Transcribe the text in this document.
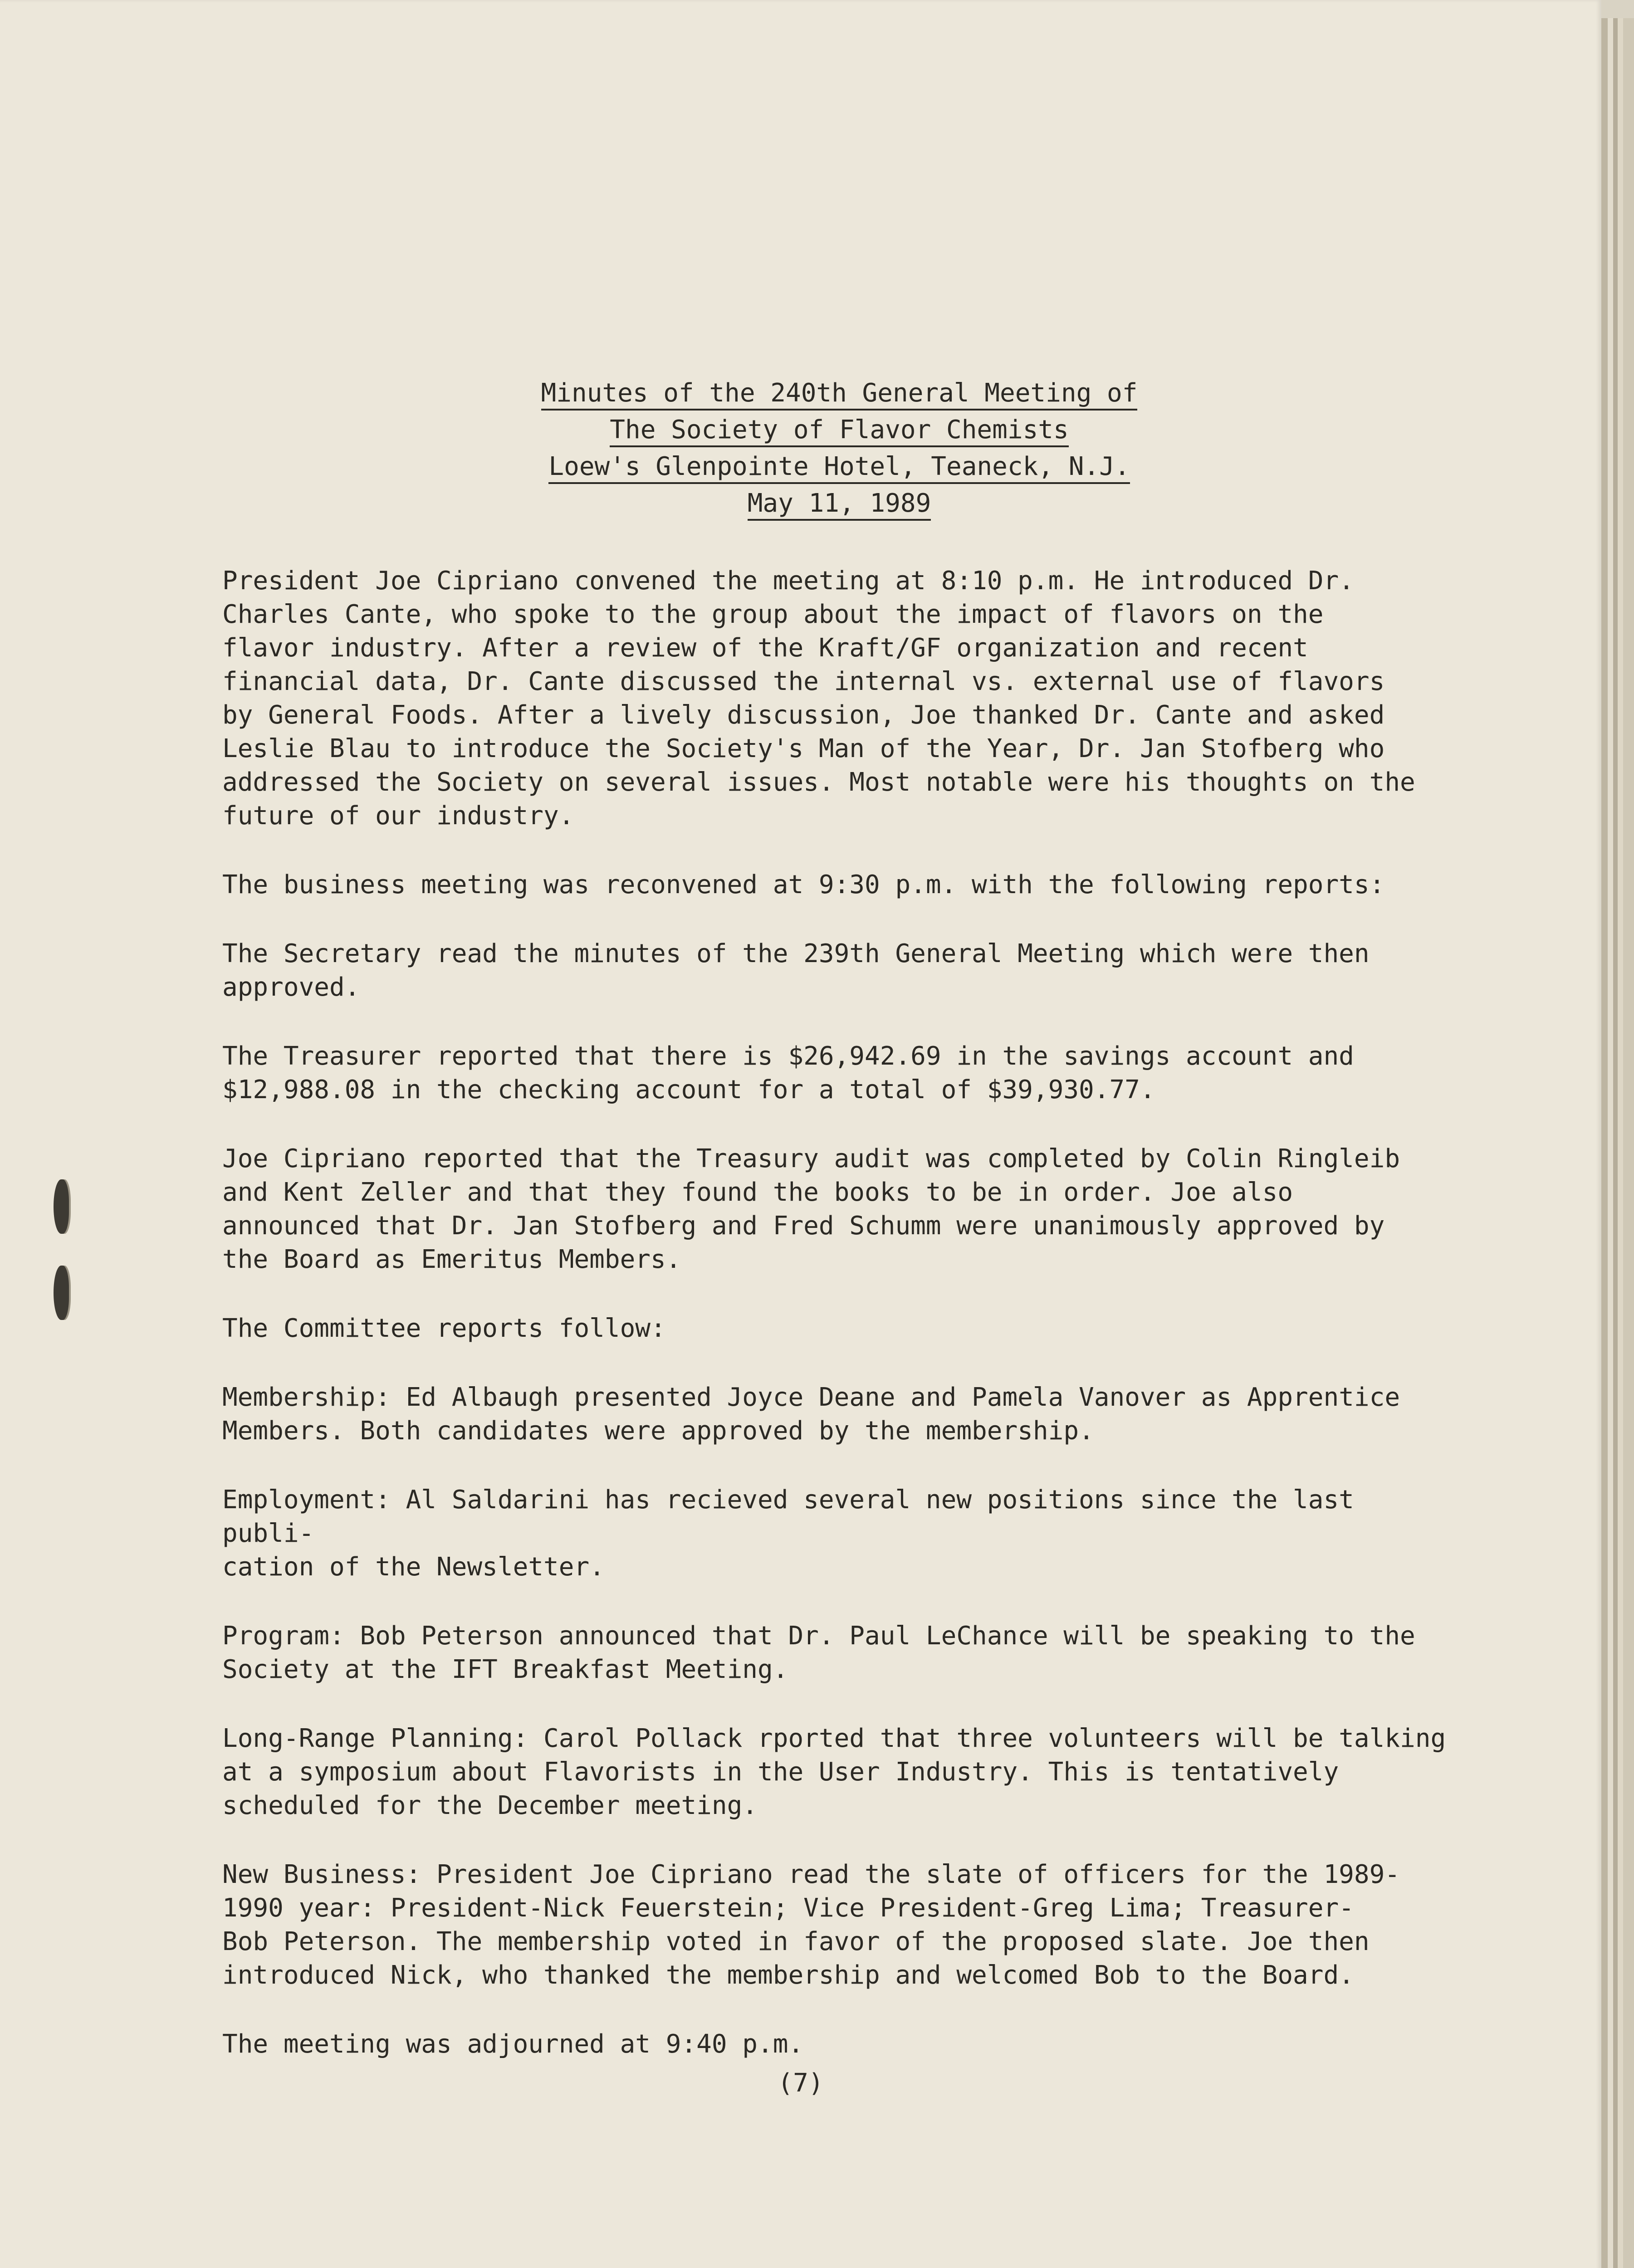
Minutes of the 240th General Meeting of
The Society of Flavor Chemists
Loew's Glenpointe Hotel, Teaneck, N.J.
May 11, 1989

President Joe Cipriano convened the meeting at 8:10 p.m. He introduced Dr.
Charles Cante, who spoke to the group about the impact of flavors on the
flavor industry. After a review of the Kraft/GF organization and recent
financial data, Dr. Cante discussed the internal vs. external use of flavors
by General Foods. After a lively discussion, Joe thanked Dr. Cante and asked
Leslie Blau to introduce the Society's Man of the Year, Dr. Jan Stofberg who
addressed the Society on several issues. Most notable were his thoughts on the
future of our industry.

The business meeting was reconvened at 9:30 p.m. with the following reports:

The Secretary read the minutes of the 239th General Meeting which were then
approved.

The Treasurer reported that there is $26,942.69 in the savings account and
$12,988.08 in the checking account for a total of $39,930.77.

Joe Cipriano reported that the Treasury audit was completed by Colin Ringleib
and Kent Zeller and that they found the books to be in order. Joe also
announced that Dr. Jan Stofberg and Fred Schumm were unanimously approved by
the Board as Emeritus Members.

The Committee reports follow:

Membership: Ed Albaugh presented Joyce Deane and Pamela Vanover as Apprentice
Members. Both candidates were approved by the membership.

Employment: Al Saldarini has recieved several new positions since the last publi-
cation of the Newsletter.

Program: Bob Peterson announced that Dr. Paul LeChance will be speaking to the
Society at the IFT Breakfast Meeting.

Long-Range Planning: Carol Pollack rported that three volunteers will be talking
at a symposium about Flavorists in the User Industry. This is tentatively
scheduled for the December meeting.

New Business: President Joe Cipriano read the slate of officers for the 1989-
1990 year: President-Nick Feuerstein; Vice President-Greg Lima; Treasurer-
Bob Peterson. The membership voted in favor of the proposed slate. Joe then
introduced Nick, who thanked the membership and welcomed Bob to the Board.

The meeting was adjourned at 9:40 p.m.

(7)
